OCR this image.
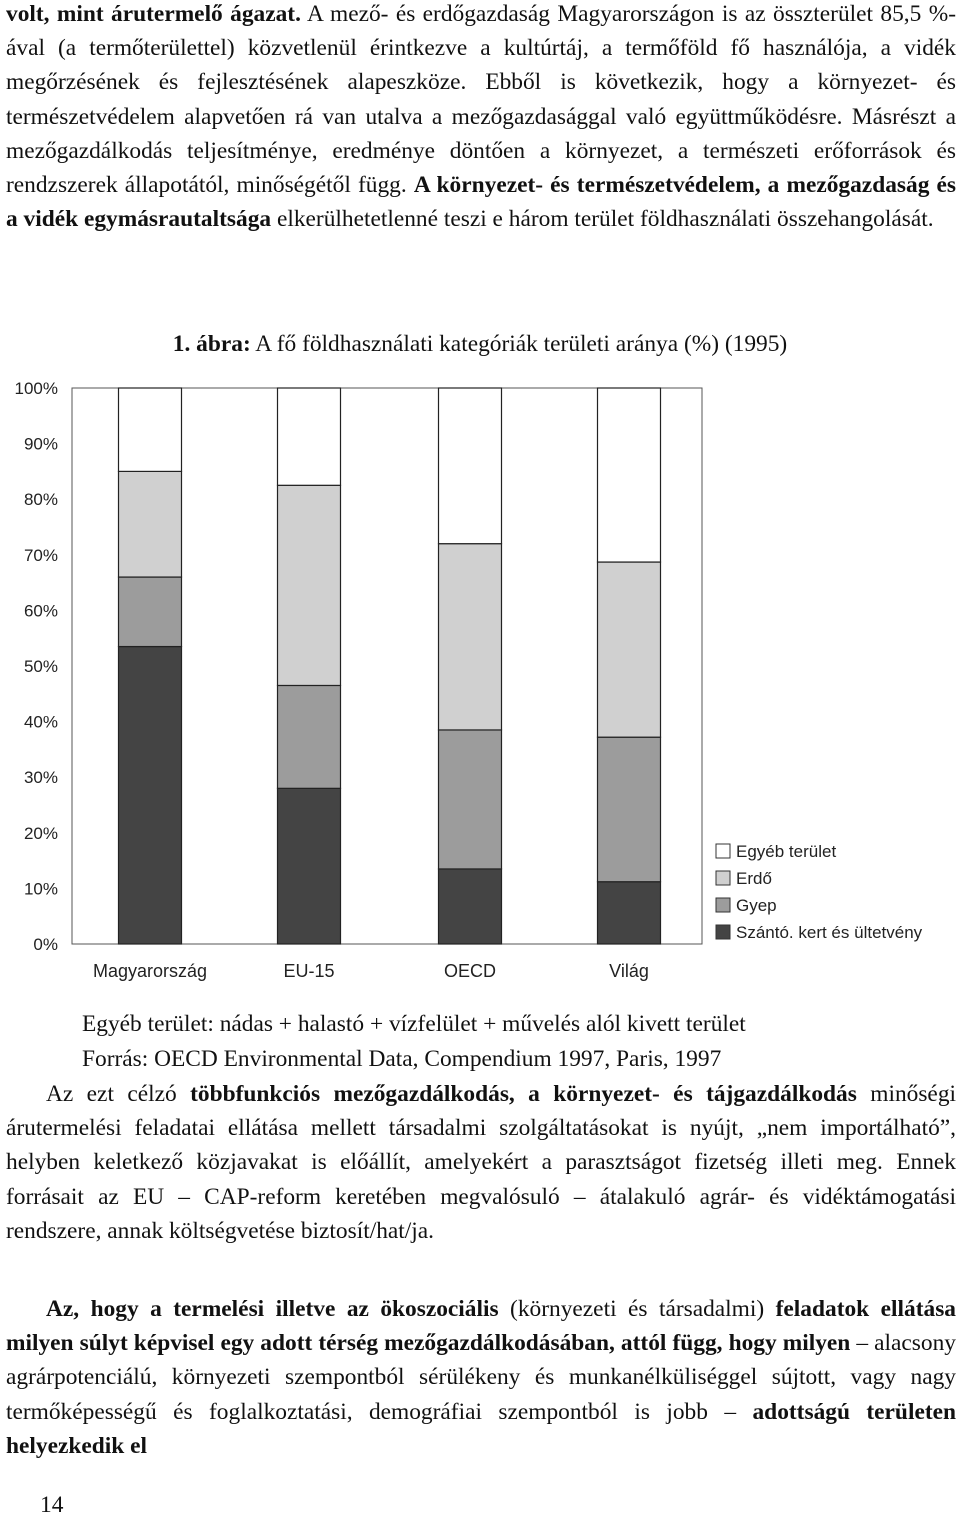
volt, mint árutermelő ágazat. A mező- és erdőgazdaság Magyarországon is az összterület 85,5 %-ával (a termőterülettel) közvetlenül érintkezve a kultúrtáj, a termőföld fő használója, a vidék megőrzésének és fejlesztésének alapeszköze. Ebből is következik, hogy a környezet- és természetvédelem alapvetően rá van utalva a mezőgazdasággal való együttműködésre. Másrészt a mezőgazdálkodás teljesítménye, eredménye döntően a környezet, a természeti erőforrások és rendzszerek állapotától, minőségétől függ. A környezet- és természetvédelem, a mezőgazdaság és a vidék egymásrautaltsága elkerülhetetlenné teszi e három terület földhasználati összehangolását.

1. ábra: A fő földhasználati kategóriák területi aránya (%) (1995)

0%
10%
20%
30%
40%
50%
60%
70%
80%
90%
100%
Magyarország	EU-15	OECD	Világ
Egyéb terület
Erdő
Gyep
Szántó. kert és ültetvény

Egyéb terület: nádas + halastó + vízfelület + művelés alól kivett terület

Forrás: OECD Environmental Data, Compendium 1997, Paris, 1997

Az ezt célzó többfunkciós mezőgazdálkodás, a környezet- és tájgazdálkodás minőségi árutermelési feladatai ellátása mellett társadalmi szolgáltatásokat is nyújt, „nem importálható”, helyben keletkező közjavakat is előállít, amelyekért a parasztságot fizetség illeti meg. Ennek forrásait az EU – CAP-reform keretében megvalósuló – átalakuló agrár- és vidéktámogatási rendszere, annak költségvetése biztosít/hat/ja.

Az, hogy a termelési illetve az ökoszociális (környezeti és társadalmi) feladatok ellátása milyen súlyt képvisel egy adott térség mezőgazdálkodásában, attól függ, hogy milyen – alacsony agrárpotenciálú, környezeti szempontból sérülékeny és munkanélküliséggel sújtott, vagy nagy termőképességű és foglalkoztatási, demográfiai szempontból is jobb – adottságú területen helyezkedik el

14
